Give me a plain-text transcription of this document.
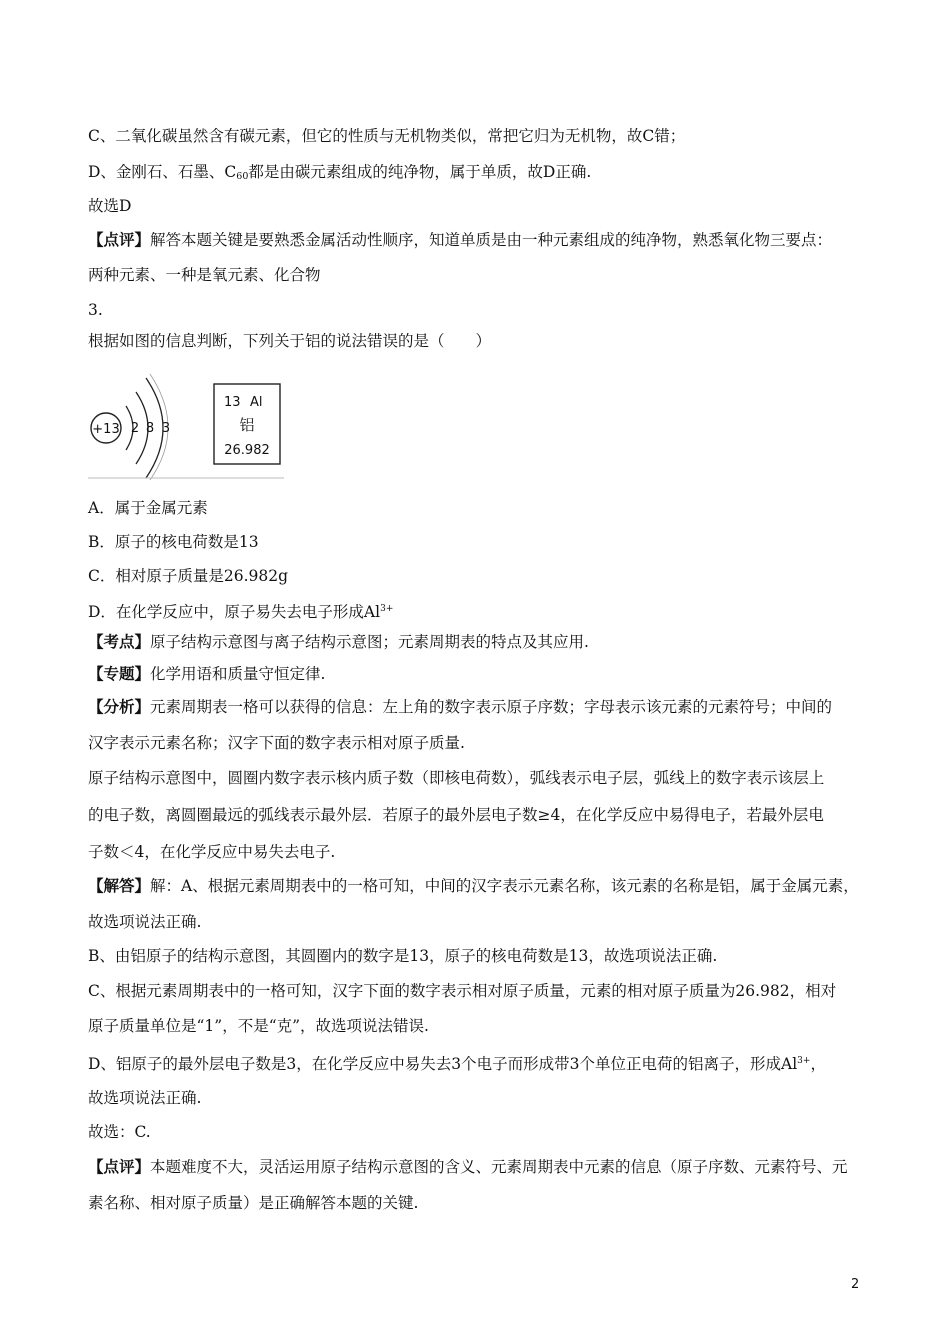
C、二氧化碳虽然含有碳元素，但它的性质与无机物类似，常把它归为无机物，故C错；
D、金刚石、石墨、$C_{60}$都是由碳元素组成的纯净物，属于单质，故D正确.
故选D
【点评】解答本题关键是要熟悉金属活动性顺序，知道单质是由一种元素组成的纯净物，熟悉氧化物三要点：
两种元素、一种是氧元素、化合物
3.
根据如图的信息判断，下列关于铝的说法错误的是（　　）
+13 2 8 3
13 Al
铝
26.982
A．属于金属元素
B．原子的核电荷数是13
C．相对原子质量是26.982g
D．在化学反应中，原子易失去电子形成$Al^{3+}$
【考点】原子结构示意图与离子结构示意图；元素周期表的特点及其应用.
【专题】化学用语和质量守恒定律.
【分析】元素周期表一格可以获得的信息：左上角的数字表示原子序数；字母表示该元素的元素符号；中间的
汉字表示元素名称；汉字下面的数字表示相对原子质量.
原子结构示意图中，圆圈内数字表示核内质子数（即核电荷数），弧线表示电子层，弧线上的数字表示该层上
的电子数，离圆圈最远的弧线表示最外层．若原子的最外层电子数≥4，在化学反应中易得电子，若最外层电
子数＜4，在化学反应中易失去电子.
【解答】解：A、根据元素周期表中的一格可知，中间的汉字表示元素名称，该元素的名称是铝，属于金属元素，
故选项说法正确.
B、由铝原子的结构示意图，其圆圈内的数字是13，原子的核电荷数是13，故选项说法正确.
C、根据元素周期表中的一格可知，汉字下面的数字表示相对原子质量，元素的相对原子质量为26.982，相对
原子质量单位是“1”，不是“克”，故选项说法错误.
D、铝原子的最外层电子数是3，在化学反应中易失去3个电子而形成带3个单位正电荷的铝离子，形成$Al^{3+}$，
故选项说法正确.
故选：C.
【点评】本题难度不大，灵活运用原子结构示意图的含义、元素周期表中元素的信息（原子序数、元素符号、元
素名称、相对原子质量）是正确解答本题的关键.
2
